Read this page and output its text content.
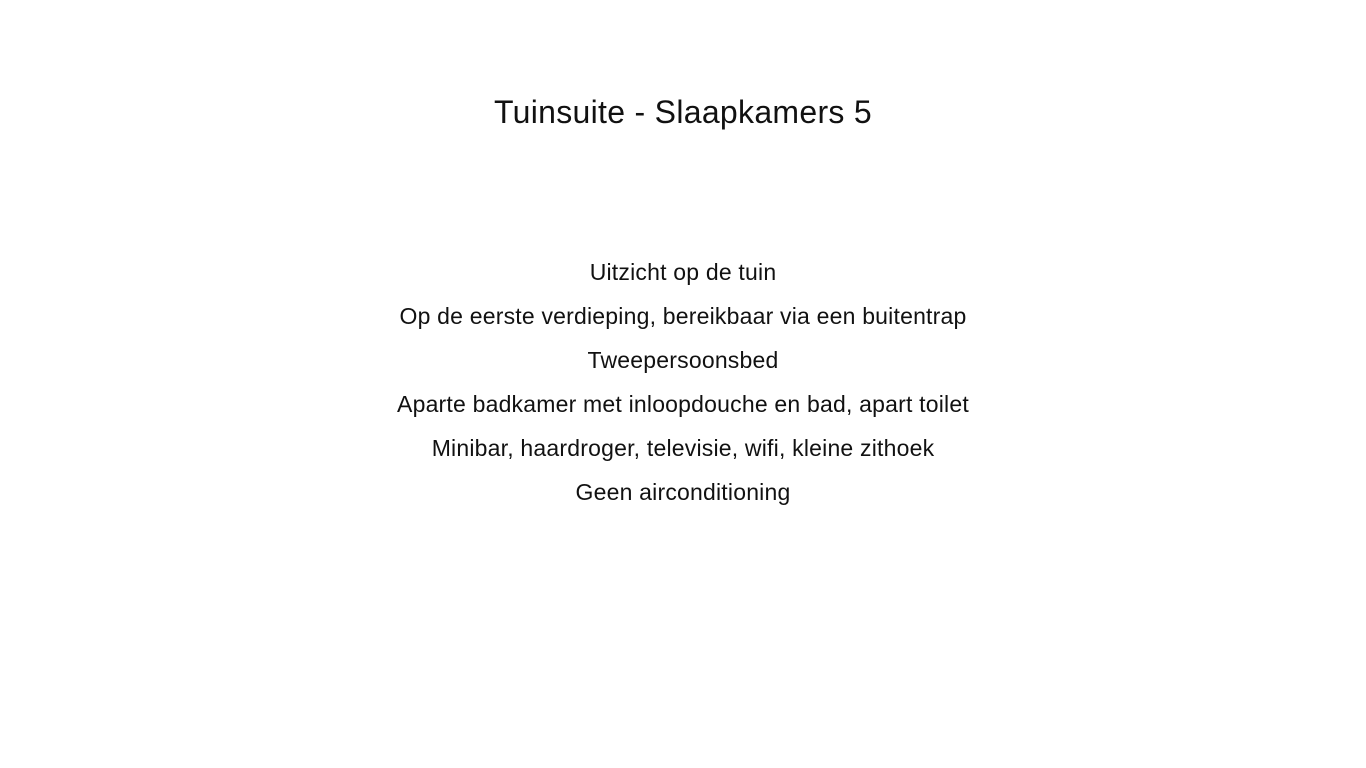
Tuinsuite - Slaapkamers 5
Uitzicht op de tuin
Op de eerste verdieping, bereikbaar via een buitentrap
Tweepersoonsbed
Aparte badkamer met inloopdouche en bad, apart toilet
Minibar, haardroger, televisie, wifi, kleine zithoek
Geen airconditioning
